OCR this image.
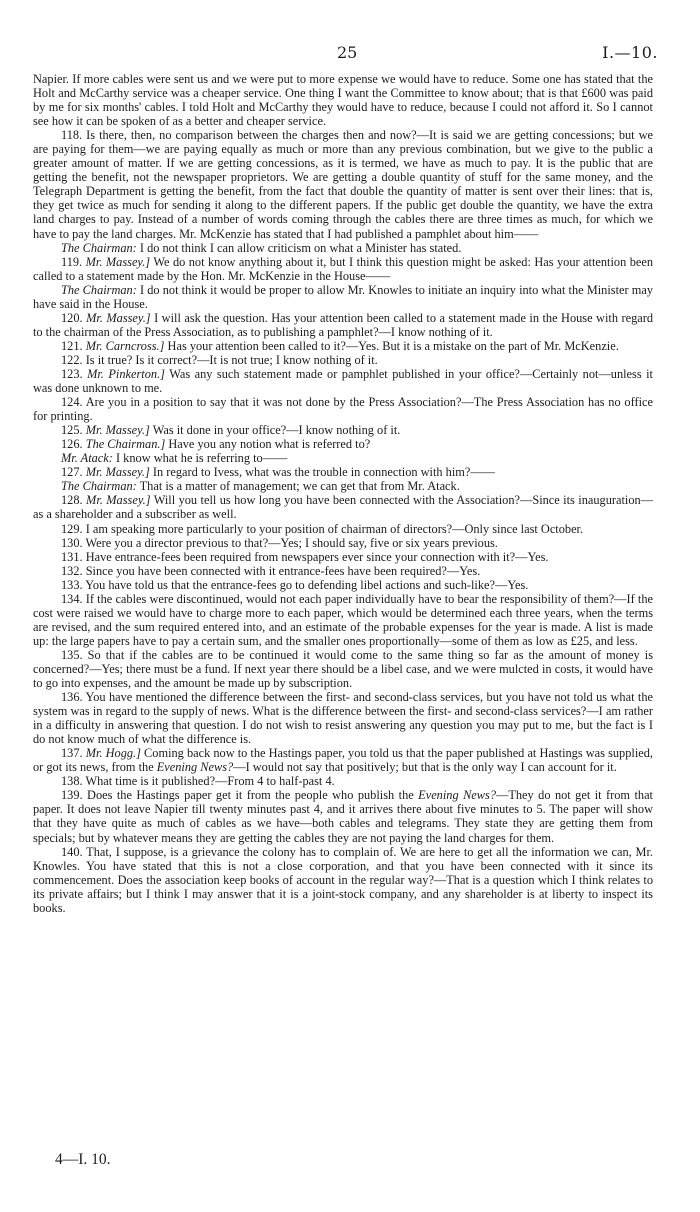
25	I.—10.

Napier. If more cables were sent us and we were put to more expense we would have to reduce. Some one has stated that the Holt and McCarthy service was a cheaper service. One thing I want the Committee to know about; that is that £600 was paid by me for six months' cables. I told Holt and McCarthy they would have to reduce, because I could not afford it. So I cannot see how it can be spoken of as a better and cheaper service.

118. Is there, then, no comparison between the charges then and now?—It is said we are getting concessions; but we are paying for them—we are paying equally as much or more than any previous combination, but we give to the public a greater amount of matter. If we are getting concessions, as it is termed, we have as much to pay. It is the public that are getting the benefit, not the newspaper proprietors. We are getting a double quantity of stuff for the same money, and the Telegraph Department is getting the benefit, from the fact that double the quantity of matter is sent over their lines: that is, they get twice as much for sending it along to the different papers. If the public get double the quantity, we have the extra land charges to pay. Instead of a number of words coming through the cables there are three times as much, for which we have to pay the land charges. Mr. McKenzie has stated that I had published a pamphlet about him——

The Chairman: I do not think I can allow criticism on what a Minister has stated.

119. Mr. Massey.] We do not know anything about it, but I think this question might be asked: Has your attention been called to a statement made by the Hon. Mr. McKenzie in the House——

The Chairman: I do not think it would be proper to allow Mr. Knowles to initiate an inquiry into what the Minister may have said in the House.

120. Mr. Massey.] I will ask the question. Has your attention been called to a statement made in the House with regard to the chairman of the Press Association, as to publishing a pamphlet?—I know nothing of it.

121. Mr. Carncross.] Has your attention been called to it?—Yes. But it is a mistake on the part of Mr. McKenzie.

122. Is it true? Is it correct?—It is not true; I know nothing of it.

123. Mr. Pinkerton.] Was any such statement made or pamphlet published in your office?—Certainly not—unless it was done unknown to me.

124. Are you in a position to say that it was not done by the Press Association?—The Press Association has no office for printing.

125. Mr. Massey.] Was it done in your office?—I know nothing of it.

126. The Chairman.] Have you any notion what is referred to?

Mr. Atack: I know what he is referring to——

127. Mr. Massey.] In regard to Ivess, what was the trouble in connection with him?——

The Chairman: That is a matter of management; we can get that from Mr. Atack.

128. Mr. Massey.] Will you tell us how long you have been connected with the Association?—Since its inauguration—as a shareholder and a subscriber as well.

129. I am speaking more particularly to your position of chairman of directors?—Only since last October.

130. Were you a director previous to that?—Yes; I should say, five or six years previous.

131. Have entrance-fees been required from newspapers ever since your connection with it?—Yes.

132. Since you have been connected with it entrance-fees have been required?—Yes.

133. You have told us that the entrance-fees go to defending libel actions and such-like?—Yes.

134. If the cables were discontinued, would not each paper individually have to bear the responsibility of them?—If the cost were raised we would have to charge more to each paper, which would be determined each three years, when the terms are revised, and the sum required entered into, and an estimate of the probable expenses for the year is made. A list is made up: the large papers have to pay a certain sum, and the smaller ones proportionally—some of them as low as £25, and less.

135. So that if the cables are to be continued it would come to the same thing so far as the amount of money is concerned?—Yes; there must be a fund. If next year there should be a libel case, and we were mulcted in costs, it would have to go into expenses, and the amount be made up by subscription.

136. You have mentioned the difference between the first- and second-class services, but you have not told us what the system was in regard to the supply of news. What is the difference between the first- and second-class services?—I am rather in a difficulty in answering that question. I do not wish to resist answering any question you may put to me, but the fact is I do not know much of what the difference is.

137. Mr. Hogg.] Coming back now to the Hastings paper, you told us that the paper published at Hastings was supplied, or got its news, from the Evening News?—I would not say that positively; but that is the only way I can account for it.

138. What time is it published?—From 4 to half-past 4.

139. Does the Hastings paper get it from the people who publish the Evening News?—They do not get it from that paper. It does not leave Napier till twenty minutes past 4, and it arrives there about five minutes to 5. The paper will show that they have quite as much of cables as we have—both cables and telegrams. They state they are getting them from specials; but by whatever means they are getting the cables they are not paying the land charges for them.

140. That, I suppose, is a grievance the colony has to complain of. We are here to get all the information we can, Mr. Knowles. You have stated that this is not a close corporation, and that you have been connected with it since its commencement. Does the association keep books of account in the regular way?—That is a question which I think relates to its private affairs; but I think I may answer that it is a joint-stock company, and any shareholder is at liberty to inspect its books.

4—I. 10.
